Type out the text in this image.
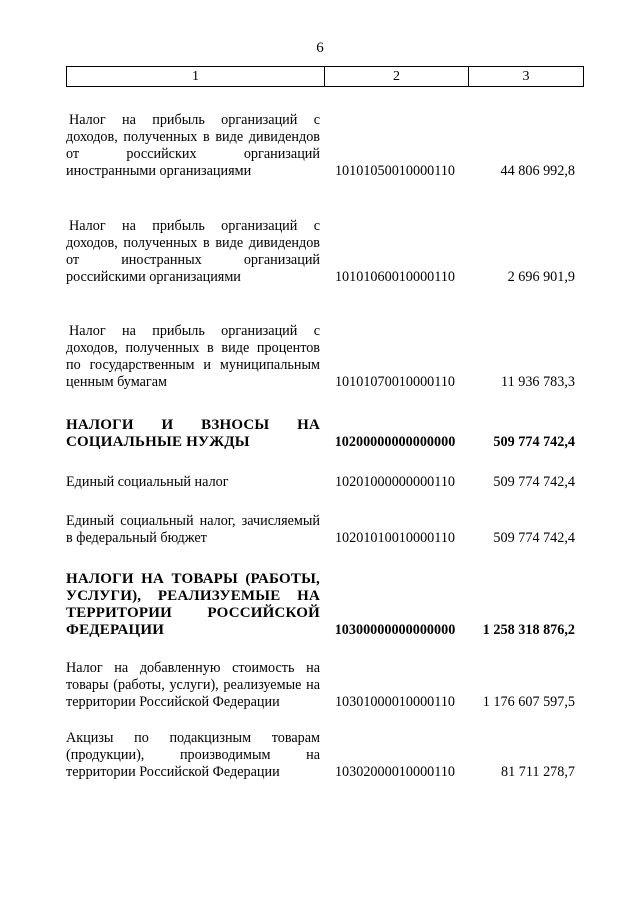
6
1	2	3
Налог на прибыль организаций с доходов, полученных в виде дивидендов от российских организаций иностранными организациями	10101050010000110	44 806 992,8
Налог на прибыль организаций с доходов, полученных в виде дивидендов от иностранных организаций российскими организациями	10101060010000110	2 696 901,9
Налог на прибыль организаций с доходов, полученных в виде процентов по государственным и муниципальным ценным бумагам	10101070010000110	11 936 783,3
НАЛОГИ И ВЗНОСЫ НА СОЦИАЛЬНЫЕ НУЖДЫ	10200000000000000	509 774 742,4
Единый социальный налог	10201000000000110	509 774 742,4
Единый социальный налог, зачисляемый в федеральный бюджет	10201010010000110	509 774 742,4
НАЛОГИ НА ТОВАРЫ (РАБОТЫ, УСЛУГИ), РЕАЛИЗУЕМЫЕ НА ТЕРРИТОРИИ РОССИЙСКОЙ ФЕДЕРАЦИИ	10300000000000000	1 258 318 876,2
Налог на добавленную стоимость на товары (работы, услуги), реализуемые на территории Российской Федерации	10301000010000110	1 176 607 597,5
Акцизы по подакцизным товарам (продукции), производимым на территории Российской Федерации	10302000010000110	81 711 278,7
